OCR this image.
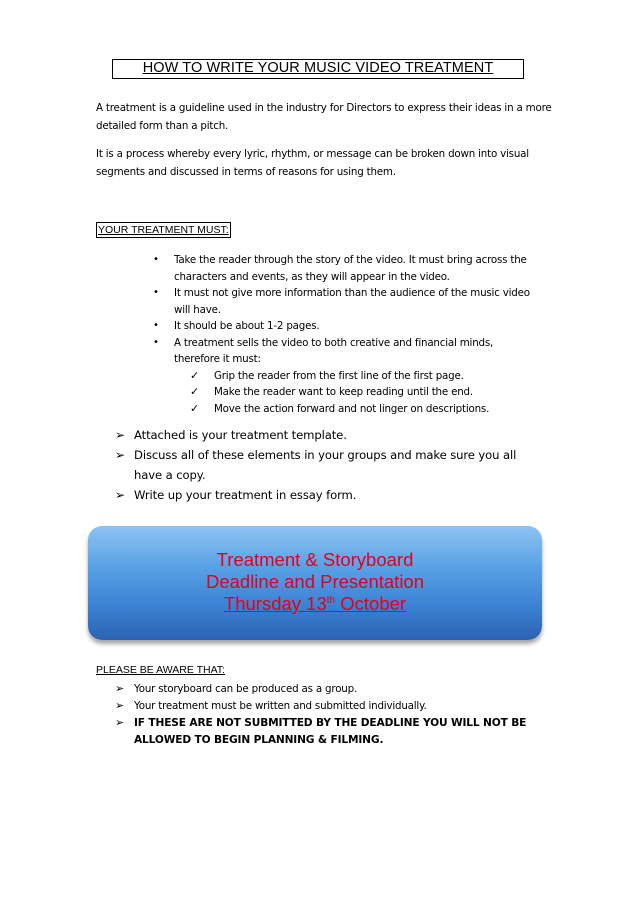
HOW TO WRITE YOUR MUSIC VIDEO TREATMENT
A treatment is a guideline used in the industry for Directors to express their ideas in a more detailed form than a pitch.
It is a process whereby every lyric, rhythm, or message can be broken down into visual segments and discussed in terms of reasons for using them.
YOUR TREATMENT MUST:
• Take the reader through the story of the video. It must bring across the characters and events, as they will appear in the video.
• It must not give more information than the audience of the music video will have.
• It should be about 1-2 pages.
• A treatment sells the video to both creative and financial minds, therefore it must:
✓ Grip the reader from the first line of the first page.
✓ Make the reader want to keep reading until the end.
✓ Move the action forward and not linger on descriptions.
➢ Attached is your treatment template.
➢ Discuss all of these elements in your groups and make sure you all have a copy.
➢ Write up your treatment in essay form.
Treatment & Storyboard
Deadline and Presentation
Thursday 13th October
PLEASE BE AWARE THAT:
➢ Your storyboard can be produced as a group.
➢ Your treatment must be written and submitted individually.
➢ IF THESE ARE NOT SUBMITTED BY THE DEADLINE YOU WILL NOT BE ALLOWED TO BEGIN PLANNING & FILMING.
